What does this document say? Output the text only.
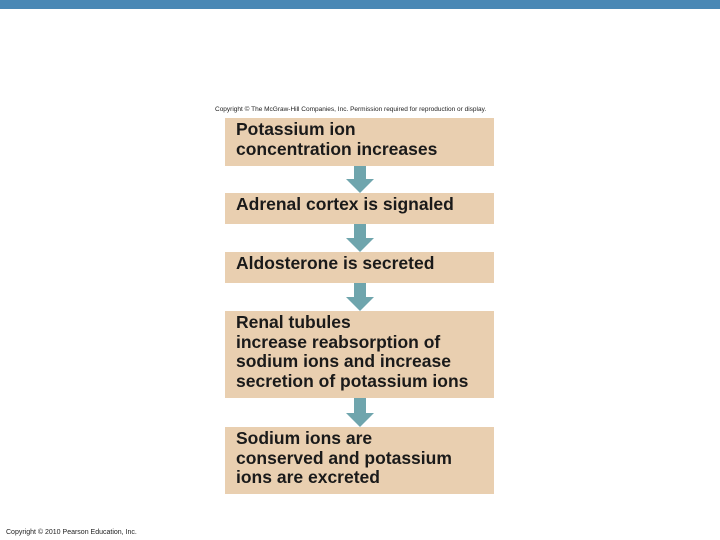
Copyright © The McGraw-Hill Companies, Inc. Permission required for reproduction or display.
Potassium ion
concentration increases
Adrenal cortex is signaled
Aldosterone is secreted
Renal tubules
increase reabsorption of
sodium ions and increase
secretion of potassium ions
Sodium ions are
conserved and potassium
ions are excreted
Copyright © 2010 Pearson Education, Inc.
